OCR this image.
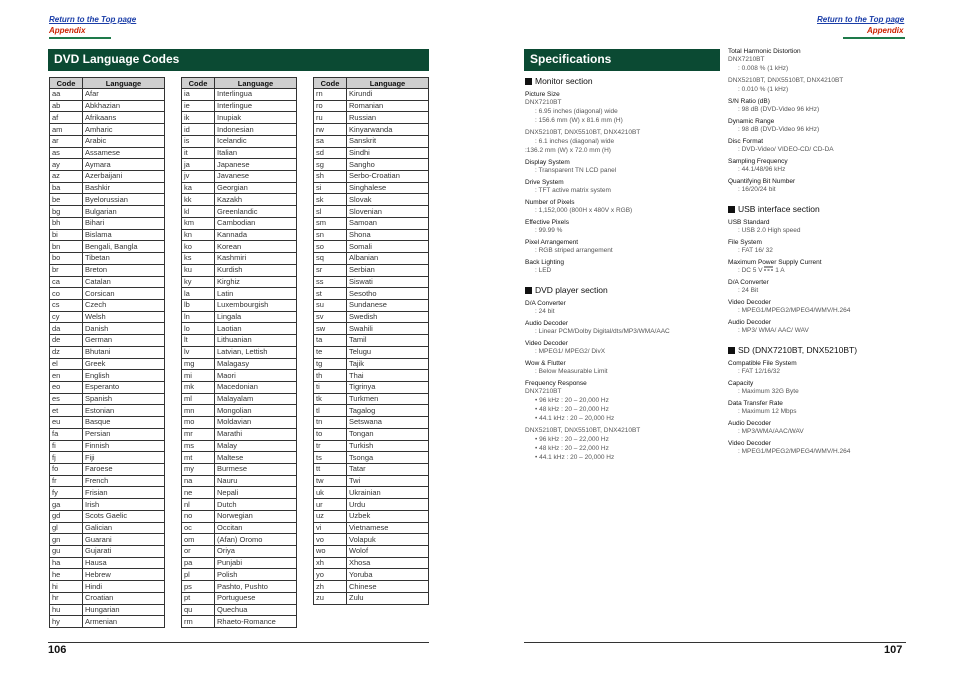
Return to the Top page
Appendix
Return to the Top page
Appendix
DVD Language Codes
Code	Language
aa	Afar
ab	Abkhazian
af	Afrikaans
am	Amharic
ar	Arabic
as	Assamese
ay	Aymara
az	Azerbaijani
ba	Bashkir
be	Byelorussian
bg	Bulgarian
bh	Bihari
bi	Bislama
bn	Bengali, Bangla
bo	Tibetan
br	Breton
ca	Catalan
co	Corsican
cs	Czech
cy	Welsh
da	Danish
de	German
dz	Bhutani
el	Greek
en	English
eo	Esperanto
es	Spanish
et	Estonian
eu	Basque
fa	Persian
fi	Finnish
fj	Fiji
fo	Faroese
fr	French
fy	Frisian
ga	Irish
gd	Scots Gaelic
gl	Galician
gn	Guarani
gu	Gujarati
ha	Hausa
he	Hebrew
hi	Hindi
hr	Croatian
hu	Hungarian
hy	Armenian
Code	Language
ia	Interlingua
ie	Interlingue
ik	Inupiak
id	Indonesian
is	Icelandic
it	Italian
ja	Japanese
jv	Javanese
ka	Georgian
kk	Kazakh
kl	Greenlandic
km	Cambodian
kn	Kannada
ko	Korean
ks	Kashmiri
ku	Kurdish
ky	Kirghiz
la	Latin
lb	Luxembourgish
ln	Lingala
lo	Laotian
lt	Lithuanian
lv	Latvian, Lettish
mg	Malagasy
mi	Maori
mk	Macedonian
ml	Malayalam
mn	Mongolian
mo	Moldavian
mr	Marathi
ms	Malay
mt	Maltese
my	Burmese
na	Nauru
ne	Nepali
nl	Dutch
no	Norwegian
oc	Occitan
om	(Afan) Oromo
or	Oriya
pa	Punjabi
pl	Polish
ps	Pashto, Pushto
pt	Portuguese
qu	Quechua
rm	Rhaeto-Romance
Code	Language
rn	Kirundi
ro	Romanian
ru	Russian
rw	Kinyarwanda
sa	Sanskrit
sd	Sindhi
sg	Sangho
sh	Serbo-Croatian
si	Singhalese
sk	Slovak
sl	Slovenian
sm	Samoan
sn	Shona
so	Somali
sq	Albanian
sr	Serbian
ss	Siswati
st	Sesotho
su	Sundanese
sv	Swedish
sw	Swahili
ta	Tamil
te	Telugu
tg	Tajik
th	Thai
ti	Tigrinya
tk	Turkmen
tl	Tagalog
tn	Setswana
to	Tongan
tr	Turkish
ts	Tsonga
tt	Tatar
tw	Twi
uk	Ukrainian
ur	Urdu
uz	Uzbek
vi	Vietnamese
vo	Volapuk
wo	Wolof
xh	Xhosa
yo	Yoruba
zh	Chinese
zu	Zulu
Specifications
Monitor section
Picture Size
DNX7210BT
: 6.95 inches (diagonal) wide
: 156.6 mm (W) x 81.6 mm (H)
DNX5210BT, DNX5510BT, DNX4210BT
: 6.1 inches (diagonal) wide
:136.2 mm (W) x 72.0 mm (H)
Display System
: Transparent TN LCD panel
Drive System
: TFT active matrix system
Number of Pixels
: 1,152,000 (800H x 480V x RGB)
Effective Pixels
: 99.99 %
Pixel Arrangement
: RGB striped arrangement
Back Lighting
: LED
DVD player section
D/A Converter
: 24 bit
Audio Decoder
: Linear PCM/Dolby Digital/dts/MP3/WMA/AAC
Video Decoder
: MPEG1/ MPEG2/ DivX
Wow & Flutter
: Below Measurable Limit
Frequency Response
DNX7210BT
• 96 kHz : 20 – 20,000 Hz
• 48 kHz : 20 – 20,000 Hz
• 44.1 kHz : 20 – 20,000 Hz
DNX5210BT, DNX5510BT, DNX4210BT
• 96 kHz : 20 – 22,000 Hz
• 48 kHz : 20 – 22,000 Hz
• 44.1 kHz : 20 – 20,000 Hz
Total Harmonic Distortion
DNX7210BT
: 0.008 % (1 kHz)
DNX5210BT, DNX5510BT, DNX4210BT
: 0.010 % (1 kHz)
S/N Ratio (dB)
: 98 dB (DVD-Video 96 kHz)
Dynamic Range
: 98 dB (DVD-Video 96 kHz)
Disc Format
: DVD-Video/ VIDEO-CD/ CD-DA
Sampling Frequency
: 44.1/48/96 kHz
Quantifying Bit Number
: 16/20/24 bit
USB interface section
USB Standard
: USB 2.0 High speed
File System
: FAT 16/ 32
Maximum Power Supply Current
: DC 5 V 1 A
D/A Converter
: 24 Bit
Video Decoder
: MPEG1/MPEG2/MPEG4/WMV/H.264
Audio Decoder
: MP3/ WMA/ AAC/ WAV
SD (DNX7210BT, DNX5210BT)
Compatible File System
: FAT 12/16/32
Capacity
: Maximum 32G Byte
Data Transfer Rate
: Maximum 12 Mbps
Audio Decoder
: MP3/WMA/AAC/WAV
Video Decoder
: MPEG1/MPEG2/MPEG4/WMV/H.264
106	107
